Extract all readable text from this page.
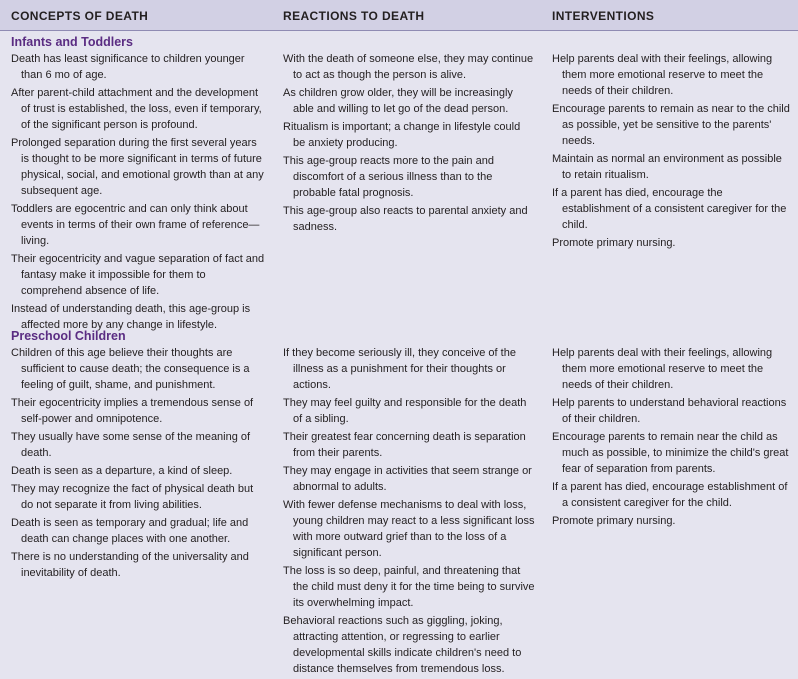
CONCEPTS OF DEATH	REACTIONS TO DEATH	INTERVENTIONS
Infants and Toddlers

Death has least significance to children younger than 6 mo of age.

After parent-child attachment and the development of trust is established, the loss, even if temporary, of the significant person is profound.

Prolonged separation during the first several years is thought to be more significant in terms of future physical, social, and emotional growth than at any subsequent age.

Toddlers are egocentric and can only think about events in terms of their own frame of reference—living.

Their egocentricity and vague separation of fact and fantasy make it impossible for them to comprehend absence of life.

Instead of understanding death, this age-group is affected more by any change in lifestyle.

With the death of someone else, they may continue to act as though the person is alive.

As children grow older, they will be increasingly able and willing to let go of the dead person.

Ritualism is important; a change in lifestyle could be anxiety producing.

This age-group reacts more to the pain and discomfort of a serious illness than to the probable fatal prognosis.

This age-group also reacts to parental anxiety and sadness.

Help parents deal with their feelings, allowing them more emotional reserve to meet the needs of their children.

Encourage parents to remain as near to the child as possible, yet be sensitive to the parents' needs.

Maintain as normal an environment as possible to retain ritualism.

If a parent has died, encourage the establishment of a consistent caregiver for the child.

Promote primary nursing.

Preschool Children

Children of this age believe their thoughts are sufficient to cause death; the consequence is a feeling of guilt, shame, and punishment.

Their egocentricity implies a tremendous sense of self-power and omnipotence.

They usually have some sense of the meaning of death.

Death is seen as a departure, a kind of sleep.

They may recognize the fact of physical death but do not separate it from living abilities.

Death is seen as temporary and gradual; life and death can change places with one another.

There is no understanding of the universality and inevitability of death.

If they become seriously ill, they conceive of the illness as a punishment for their thoughts or actions.

They may feel guilty and responsible for the death of a sibling.

Their greatest fear concerning death is separation from their parents.

They may engage in activities that seem strange or abnormal to adults.

With fewer defense mechanisms to deal with loss, young children may react to a less significant loss with more outward grief than to the loss of a significant person.

The loss is so deep, painful, and threatening that the child must deny it for the time being to survive its overwhelming impact.

Behavioral reactions such as giggling, joking, attracting attention, or regressing to earlier developmental skills indicate children's need to distance themselves from tremendous loss.

Help parents deal with their feelings, allowing them more emotional reserve to meet the needs of their children.

Help parents to understand behavioral reactions of their children.

Encourage parents to remain near the child as much as possible, to minimize the child's great fear of separation from parents.

If a parent has died, encourage establishment of a consistent caregiver for the child.

Promote primary nursing.
